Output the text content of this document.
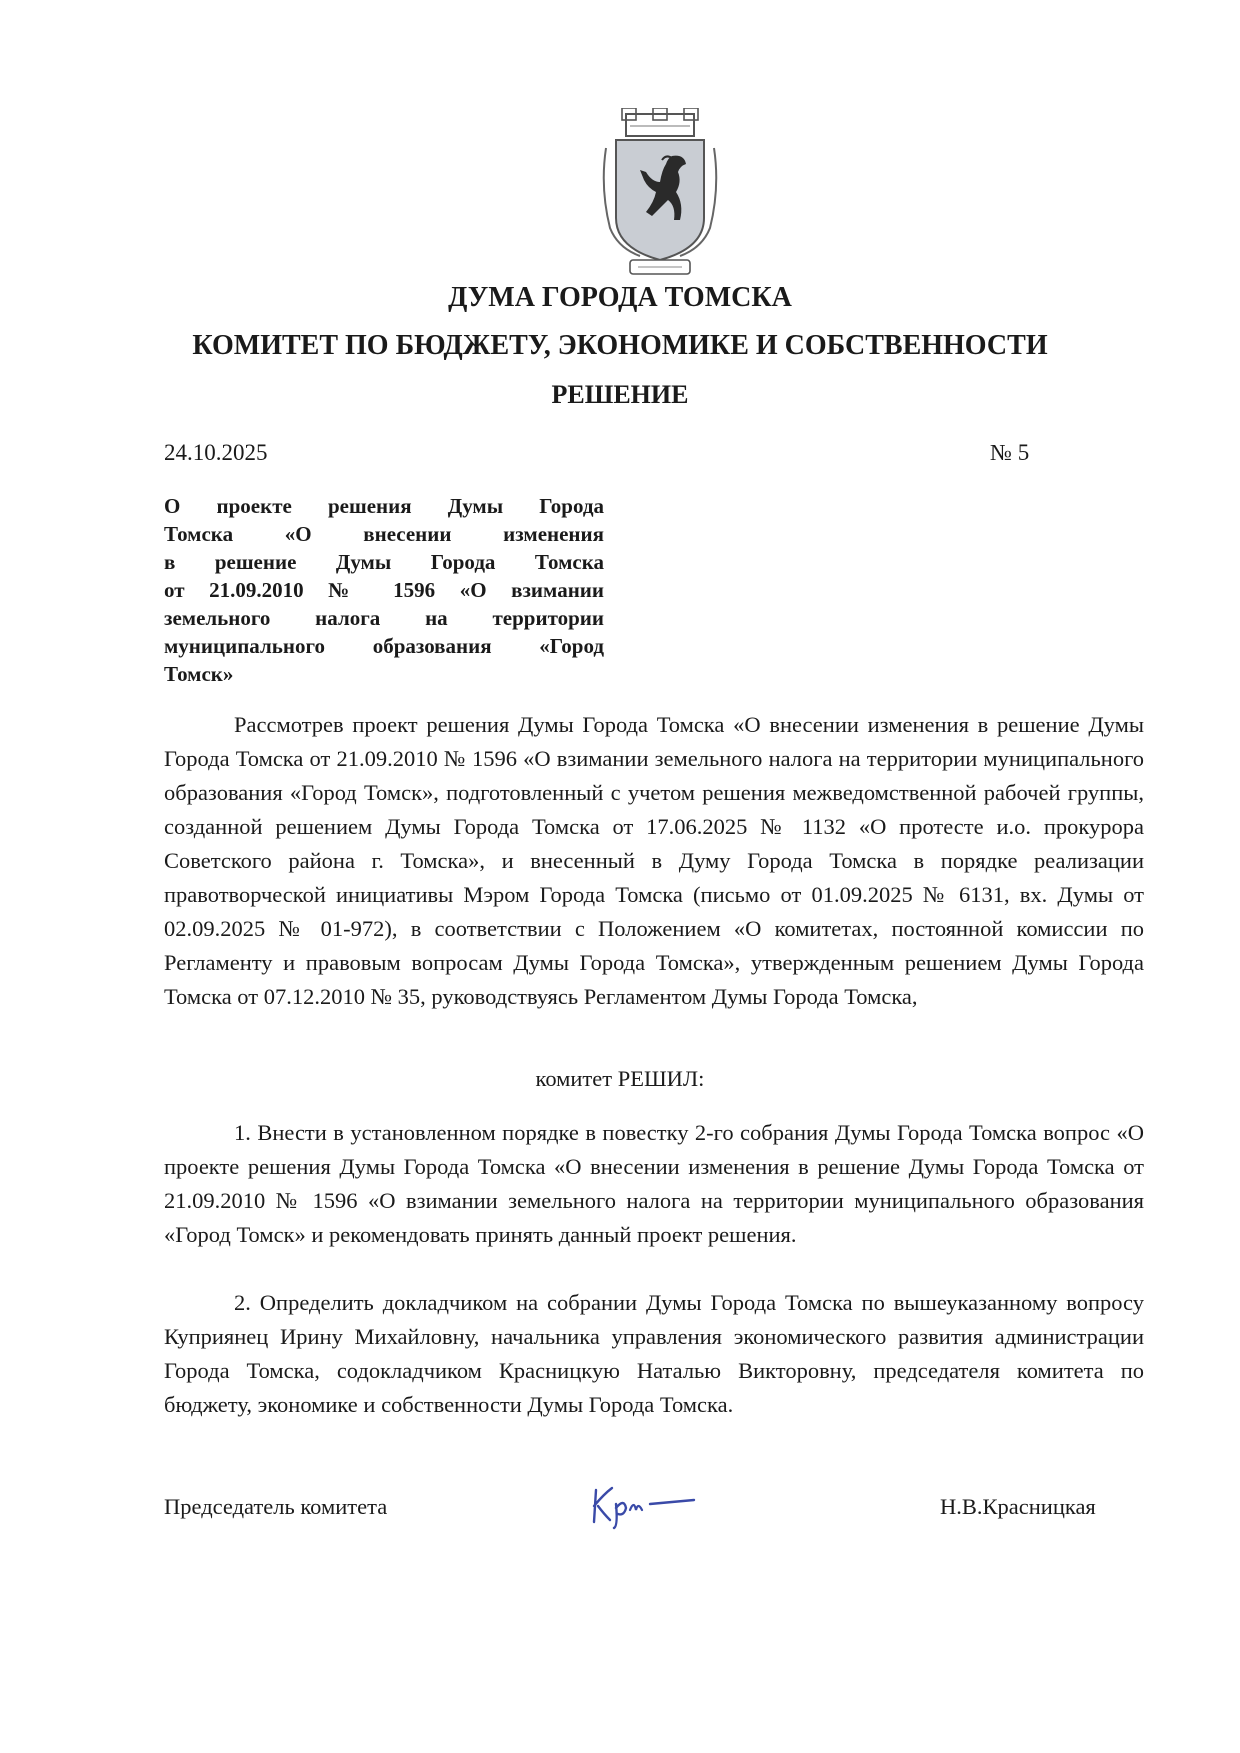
ДУМА ГОРОДА ТОМСКА
КОМИТЕТ ПО БЮДЖЕТУ, ЭКОНОМИКЕ И СОБСТВЕННОСТИ
РЕШЕНИЕ
24.10.2025	№ 5
О проекте решения Думы Города
Томска «О внесении изменения
в решение Думы Города Томска
от 21.09.2010 № 1596 «О взимании
земельного налога на территории
муниципального образования «Город
Томск»
Рассмотрев проект решения Думы Города Томска «О внесении изменения в решение Думы Города Томска от 21.09.2010 № 1596 «О взимании земельного налога на территории муниципального образования «Город Томск», подготовленный с учетом решения межведомственной рабочей группы, созданной решением Думы Города Томска от 17.06.2025 № 1132 «О протесте и.о. прокурора Советского района г. Томска», и внесенный в Думу Города Томска в порядке реализации правотворческой инициативы Мэром Города Томска (письмо от 01.09.2025 № 6131, вх. Думы от 02.09.2025 № 01-972), в соответствии с Положением «О комитетах, постоянной комиссии по Регламенту и правовым вопросам Думы Города Томска», утвержденным решением Думы Города Томска от 07.12.2010 № 35, руководствуясь Регламентом Думы Города Томска,
комитет РЕШИЛ:
1. Внести в установленном порядке в повестку 2-го собрания Думы Города Томска вопрос «О проекте решения Думы Города Томска «О внесении изменения в решение Думы Города Томска от 21.09.2010 № 1596 «О взимании земельного налога на территории муниципального образования «Город Томск» и рекомендовать принять данный проект решения.
2. Определить докладчиком на собрании Думы Города Томска по вышеуказанному вопросу Куприянец Ирину Михайловну, начальника управления экономического развития администрации Города Томска, содокладчиком Красницкую Наталью Викторовну, председателя комитета по бюджету, экономике и собственности Думы Города Томска.
Председатель комитета	Н.В.Красницкая
